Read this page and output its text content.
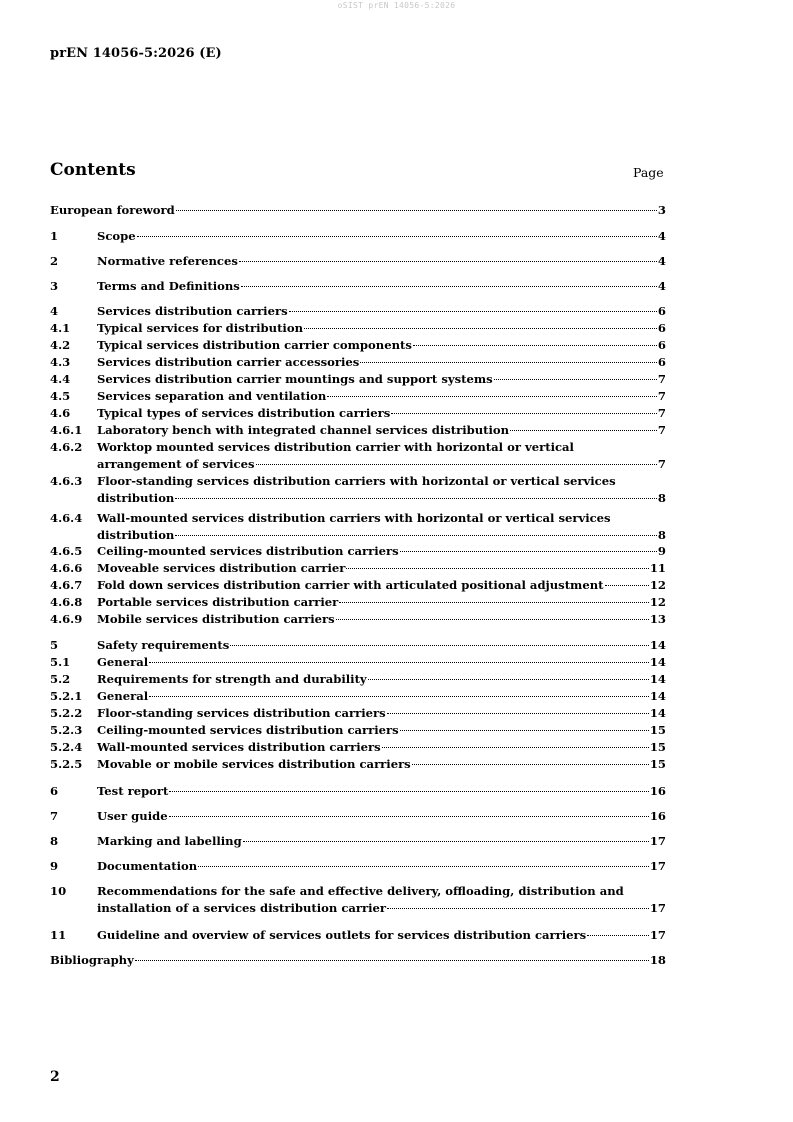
oSIST prEN 14056-5:2026
prEN 14056-5:2026 (E)
Contents	Page
European foreword	3
1	Scope	4
2	Normative references	4
3	Terms and Definitions	4
4	Services distribution carriers	6
4.1 Typical services for distribution	6
4.2 Typical services distribution carrier components	6
4.3 Services distribution carrier accessories	6
4.4 Services distribution carrier mountings and support systems	7
4.5 Services separation and ventilation	7
4.6 Typical types of services distribution carriers	7
4.6.1 Laboratory bench with integrated channel services distribution	7
4.6.2 Worktop mounted services distribution carrier with horizontal or vertical
arrangement of services	7
4.6.3 Floor-standing services distribution carriers with horizontal or vertical services
distribution	8
4.6.4 Wall-mounted services distribution carriers with horizontal or vertical services
distribution	8
4.6.5 Ceiling-mounted services distribution carriers	9
4.6.6 Moveable services distribution carrier	11
4.6.7 Fold down services distribution carrier with articulated positional adjustment	12
4.6.8 Portable services distribution carrier	12
4.6.9 Mobile services distribution carriers	13
5	Safety requirements	14
5.1 General	14
5.2 Requirements for strength and durability	14
5.2.1 General	14
5.2.2 Floor-standing services distribution carriers	14
5.2.3 Ceiling-mounted services distribution carriers	15
5.2.4 Wall-mounted services distribution carriers	15
5.2.5 Movable or mobile services distribution carriers	15
6	Test report	16
7	User guide	16
8	Marking and labelling	17
9	Documentation	17
10	Recommendations for the safe and effective delivery, offloading, distribution and
installation of a services distribution carrier	17
11	Guideline and overview of services outlets for services distribution carriers	17
Bibliography	18
2
